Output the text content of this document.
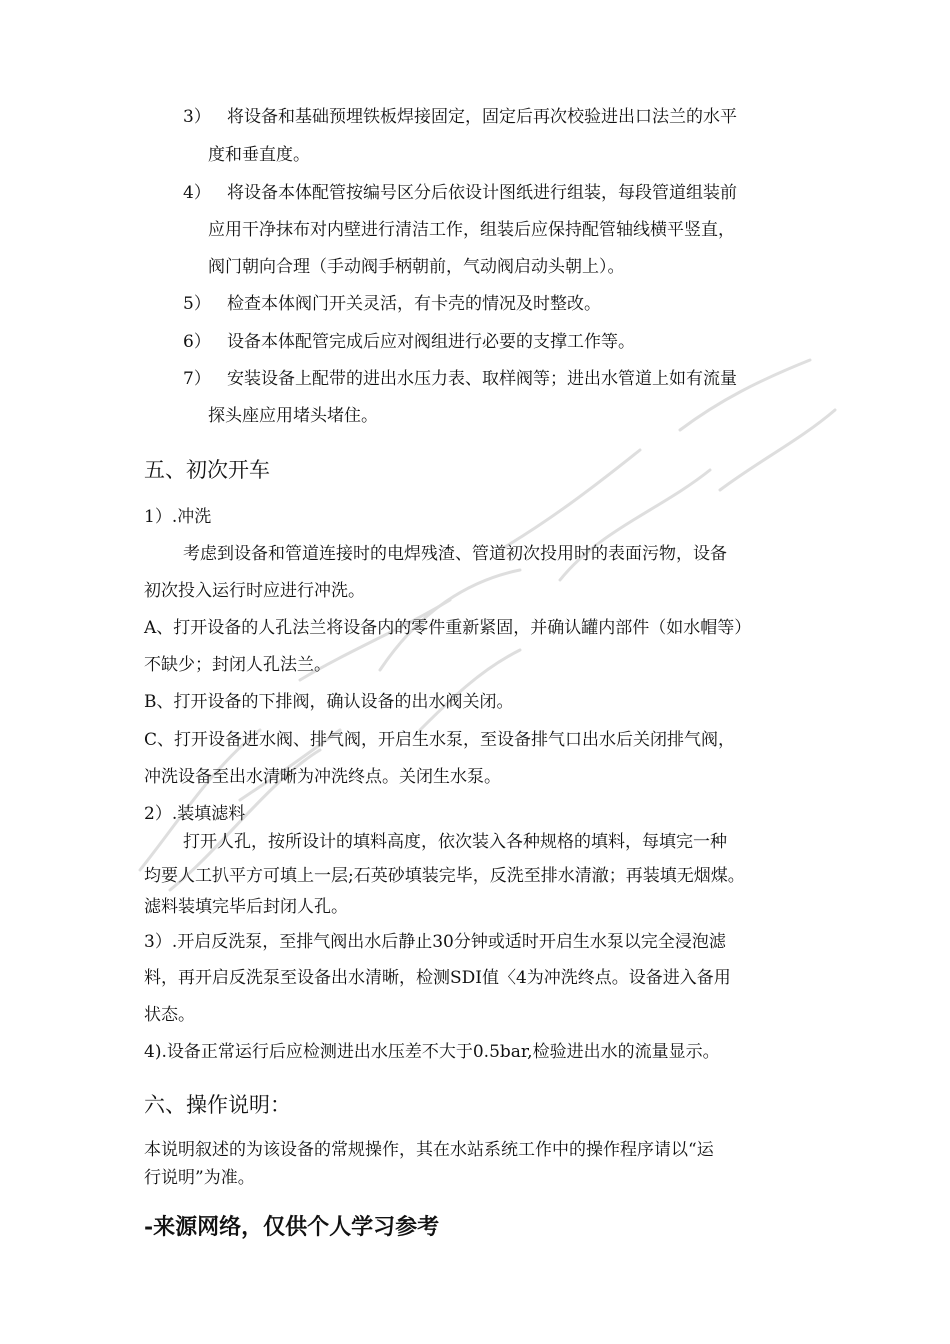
3） 将设备和基础预埋铁板焊接固定，固定后再次校验进出口法兰的水平
度和垂直度。
4） 将设备本体配管按编号区分后依设计图纸进行组装，每段管道组装前
应用干净抹布对内壁进行清洁工作，组装后应保持配管轴线横平竖直，
阀门朝向合理（手动阀手柄朝前，气动阀启动头朝上）。
5） 检查本体阀门开关灵活，有卡壳的情况及时整改。
6） 设备本体配管完成后应对阀组进行必要的支撑工作等。
7） 安装设备上配带的进出水压力表、取样阀等；进出水管道上如有流量
探头座应用堵头堵住。
五、初次开车
1）.冲洗
考虑到设备和管道连接时的电焊残渣、管道初次投用时的表面污物，设备
初次投入运行时应进行冲洗。
A、打开设备的人孔法兰将设备内的零件重新紧固，并确认罐内部件（如水帽等）
不缺少；封闭人孔法兰。
B、打开设备的下排阀，确认设备的出水阀关闭。
C、打开设备进水阀、排气阀，开启生水泵，至设备排气口出水后关闭排气阀，
冲洗设备至出水清晰为冲洗终点。关闭生水泵。
2）.装填滤料
打开人孔，按所设计的填料高度，依次装入各种规格的填料，每填完一种
均要人工扒平方可填上一层;石英砂填装完毕，反洗至排水清澈；再装填无烟煤。
滤料装填完毕后封闭人孔。
3）.开启反洗泵，至排气阀出水后静止30分钟或适时开启生水泵以完全浸泡滤
料，再开启反洗泵至设备出水清晰，检测SDI值〈4为冲洗终点。设备进入备用
状态。
4).设备正常运行后应检测进出水压差不大于0.5bar,检验进出水的流量显示。
六、操作说明：
本说明叙述的为该设备的常规操作，其在水站系统工作中的操作程序请以“运
行说明”为准。
-来源网络，仅供个人学习参考
